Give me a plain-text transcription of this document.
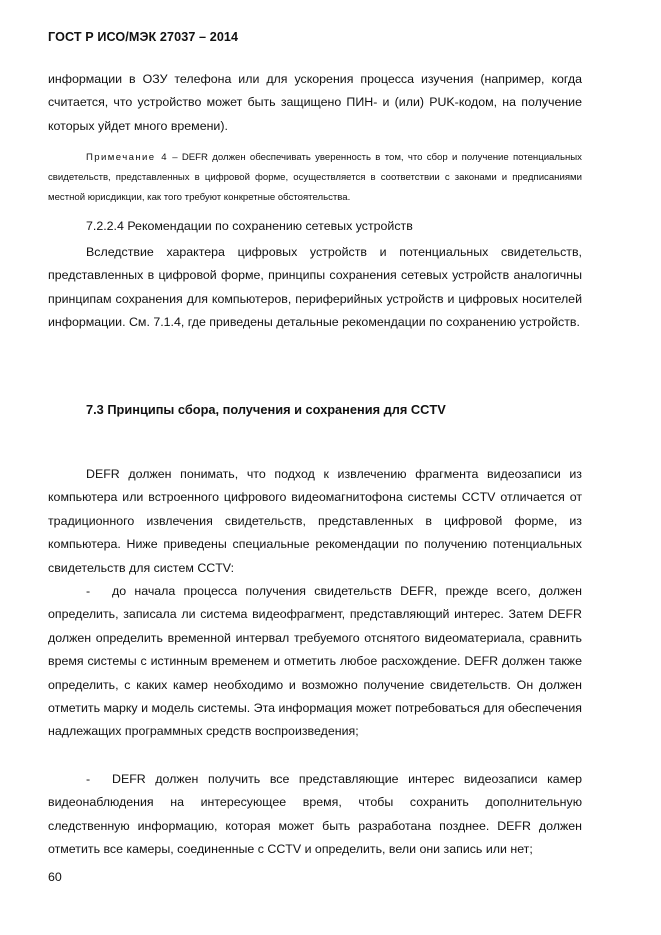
ГОСТ Р ИСО/МЭК 27037 – 2014

информации в ОЗУ телефона или для ускорения процесса изучения (например, когда считается, что устройство может быть защищено ПИН- и (или) PUK-кодом, на получение которых уйдет много времени).

Примечание 4 – DEFR должен обеспечивать уверенность в том, что сбор и получение потенциальных свидетельств, представленных в цифровой форме, осуществляется в соответствии с законами и предписаниями местной юрисдикции, как того требуют конкретные обстоятельства.

7.2.2.4 Рекомендации по сохранению сетевых устройств

Вследствие характера цифровых устройств и потенциальных свидетельств, представленных в цифровой форме, принципы сохранения сетевых устройств аналогичны принципам сохранения для компьютеров, периферийных устройств и цифровых носителей информации. См. 7.1.4, где приведены детальные рекомендации по сохранению устройств.

7.3 Принципы сбора, получения и сохранения для CCTV

DEFR должен понимать, что подход к извлечению фрагмента видеозаписи из компьютера или встроенного цифрового видеомагнитофона системы CCTV отличается от традиционного извлечения свидетельств, представленных в цифровой форме, из компьютера. Ниже приведены специальные рекомендации по получению потенциальных свидетельств для систем CCTV:

- до начала процесса получения свидетельств DEFR, прежде всего, должен определить, записала ли система видеофрагмент, представляющий интерес. Затем DEFR должен определить временной интервал требуемого отснятого видеоматериала, сравнить время системы с истинным временем и отметить любое расхождение. DEFR должен также определить, с каких камер необходимо и возможно получение свидетельств. Он должен отметить марку и модель системы. Эта информация может потребоваться для обеспечения надлежащих программных средств воспроизведения;

- DEFR должен получить все представляющие интерес видеозаписи камер видеонаблюдения на интересующее время, чтобы сохранить дополнительную следственную информацию, которая может быть разработана позднее. DEFR должен отметить все камеры, соединенные с CCTV и определить, вели они запись или нет;

60
